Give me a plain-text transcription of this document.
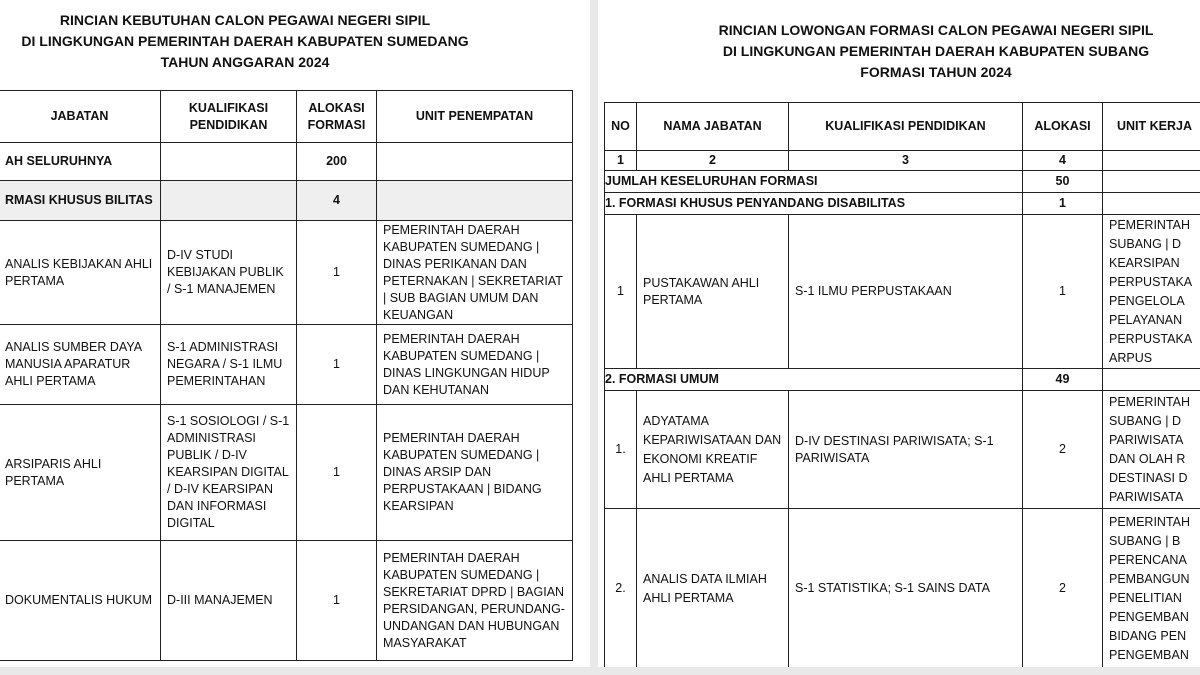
RINCIAN KEBUTUHAN CALON PEGAWAI NEGERI SIPIL
DI LINGKUNGAN PEMERINTAH DAERAH KABUPATEN SUMEDANG
TAHUN ANGGARAN 2024
JABATAN	KUALIFIKASI PENDIDIKAN	ALOKASI FORMASI	UNIT PENEMPATAN
AH SELURUHNYA		200	
RMASI KHUSUS BILITAS		4	
ANALIS KEBIJAKAN AHLI PERTAMA	D-IV STUDI KEBIJAKAN PUBLIK / S-1 MANAJEMEN	1	PEMERINTAH DAERAH KABUPATEN SUMEDANG | DINAS PERIKANAN DAN PETERNAKAN | SEKRETARIAT | SUB BAGIAN UMUM DAN KEUANGAN
ANALIS SUMBER DAYA MANUSIA APARATUR AHLI PERTAMA	S-1 ADMINISTRASI NEGARA / S-1 ILMU PEMERINTAHAN	1	PEMERINTAH DAERAH KABUPATEN SUMEDANG | DINAS LINGKUNGAN HIDUP DAN KEHUTANAN
ARSIPARIS AHLI PERTAMA	S-1 SOSIOLOGI / S-1 ADMINISTRASI PUBLIK / D-IV KEARSIPAN DIGITAL / D-IV KEARSIPAN DAN INFORMASI DIGITAL	1	PEMERINTAH DAERAH KABUPATEN SUMEDANG | DINAS ARSIP DAN PERPUSTAKAAN | BIDANG KEARSIPAN
DOKUMENTALIS HUKUM	D-III MANAJEMEN	1	PEMERINTAH DAERAH KABUPATEN SUMEDANG | SEKRETARIAT DPRD | BAGIAN PERSIDANGAN, PERUNDANG-UNDANGAN DAN HUBUNGAN MASYARAKAT
RINCIAN LOWONGAN FORMASI CALON PEGAWAI NEGERI SIPIL
DI LINGKUNGAN PEMERINTAH DAERAH KABUPATEN SUBANG
FORMASI TAHUN 2024
NO	NAMA JABATAN	KUALIFIKASI PENDIDIKAN	ALOKASI	UNIT KERJA
1	2	3	4	
JUMLAH KESELURUHAN FORMASI			50	
1. FORMASI KHUSUS PENYANDANG DISABILITAS			1	
1	PUSTAKAWAN AHLI PERTAMA	S-1 ILMU PERPUSTAKAAN	1	PEMERINTAH SUBANG | D KEARSIPAN PERPUSTAKA PENGELOLA PELAYANAN PERPUSTAKA ARPUS
2. FORMASI UMUM			49	
1.	ADYATAMA KEPARIWISATAAN DAN EKONOMI KREATIF AHLI PERTAMA	D-IV DESTINASI PARIWISATA; S-1 PARIWISATA	2	PEMERINTAH SUBANG | D PARIWISATA DAN OLAH R DESTINASI D PARIWISATA
2.	ANALIS DATA ILMIAH AHLI PERTAMA	S-1 STATISTIKA; S-1 SAINS DATA	2	PEMERINTAH SUBANG | B PERENCANA PEMBANGUN PENELITIAN PENGEMBAN BIDANG PEN PENGEMBAN
